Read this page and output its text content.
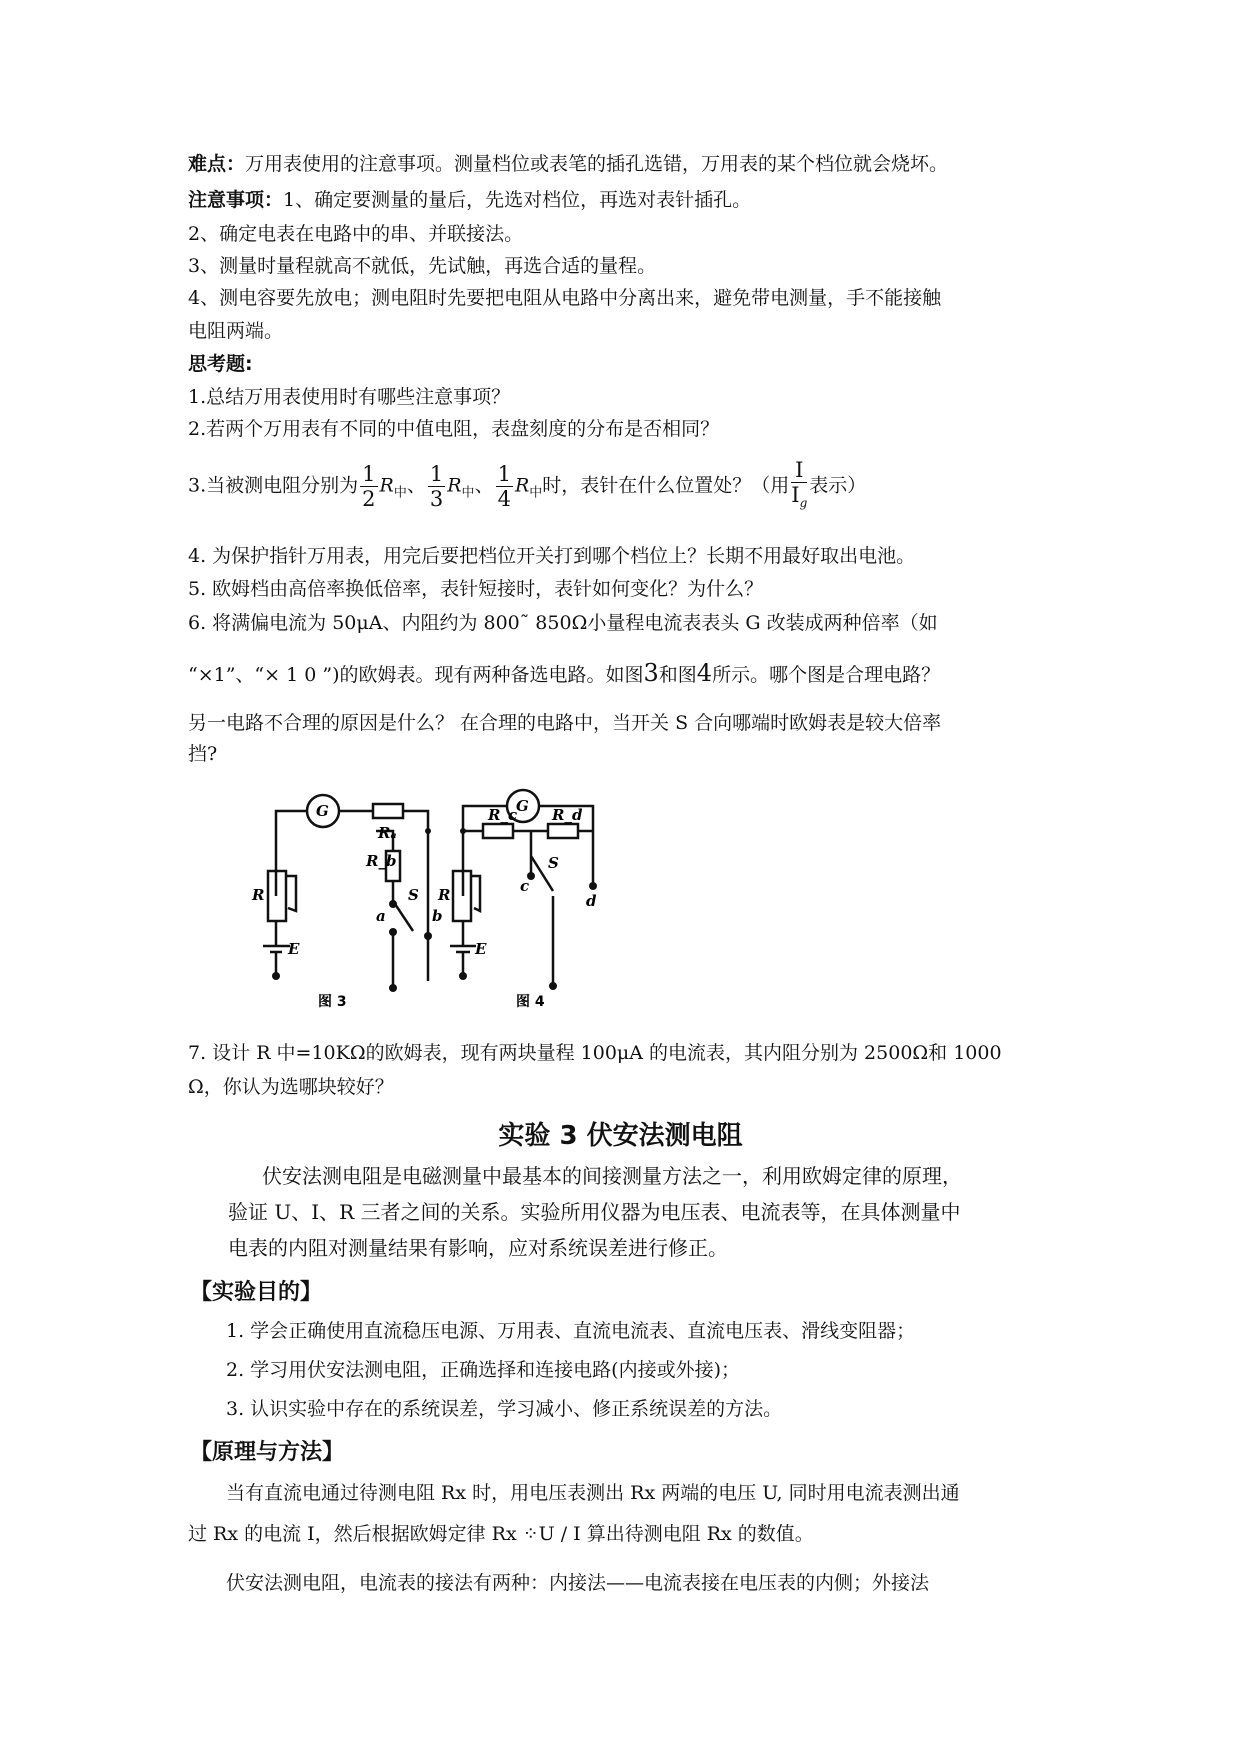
难点：万用表使用的注意事项。测量档位或表笔的插孔选错，万用表的某个档位就会烧坏。
注意事项：1、确定要测量的量后，先选对档位，再选对表针插孔。
2、确定电表在电路中的串、并联接法。
3、测量时量程就高不就低，先试触，再选合适的量程。
4、测电容要先放电；测电阻时先要把电阻从电路中分离出来，避免带电测量，手不能接触
电阻两端。
思考题:
1.总结万用表使用时有哪些注意事项？
2.若两个万用表有不同的中值电阻，表盘刻度的分布是否相同？
3.当被测电阻分别为 $\frac{1}{2} R_中$、 $\frac{1}{3} R_中$、 $\frac{1}{4} R_中$时，表针在什么位置处？（用 $\frac{I}{I_g}$ 表示）
4. 为保护指针万用表，用完后要把档位开关打到哪个档位上？长期不用最好取出电池。
5. 欧姆档由高倍率换低倍率，表针短接时，表针如何变化？为什么？
6. 将满偏电流为 50μA、内阻约为 800˜ 850Ω小量程电流表表头 G 改装成两种倍率（如
“×1”、“× 1 0 ”)的欧姆表。现有两种备选电路。如图3和图4所示。哪个图是合理电路？
另一电路不合理的原因是什么？ 在合理的电路中，当开关 S 合向哪端时欧姆表是较大倍率
挡?
G
R
E
Rₐ
R_b
S
a	b
图 3
G
R
E
R_c R_d
S
c
d
图 4
7. 设计 R 中=10KΩ的欧姆表，现有两块量程 100μA 的电流表，其内阻分别为 2500Ω和 1000
Ω，你认为选哪块较好？
实验 3 伏安法测电阻
伏安法测电阻是电磁测量中最基本的间接测量方法之一，利用欧姆定律的原理，
验证 U、I、R 三者之间的关系。实验所用仪器为电压表、电流表等，在具体测量中
电表的内阻对测量结果有影响，应对系统误差进行修正。
【实验目的】
1. 学会正确使用直流稳压电源、万用表、直流电流表、直流电压表、滑线变阻器；
2. 学习用伏安法测电阻，正确选择和连接电路(内接或外接)；
3. 认识实验中存在的系统误差，学习减小、修正系统误差的方法。
【原理与方法】
当有直流电通过待测电阻 Rx 时，用电压表测出 Rx 两端的电压 U, 同时用电流表测出通
过 Rx 的电流 I，然后根据欧姆定律 Rx ⁘U / I 算出待测电阻 Rx 的数值。
伏安法测电阻，电流表的接法有两种：内接法——电流表接在电压表的内侧；外接法
